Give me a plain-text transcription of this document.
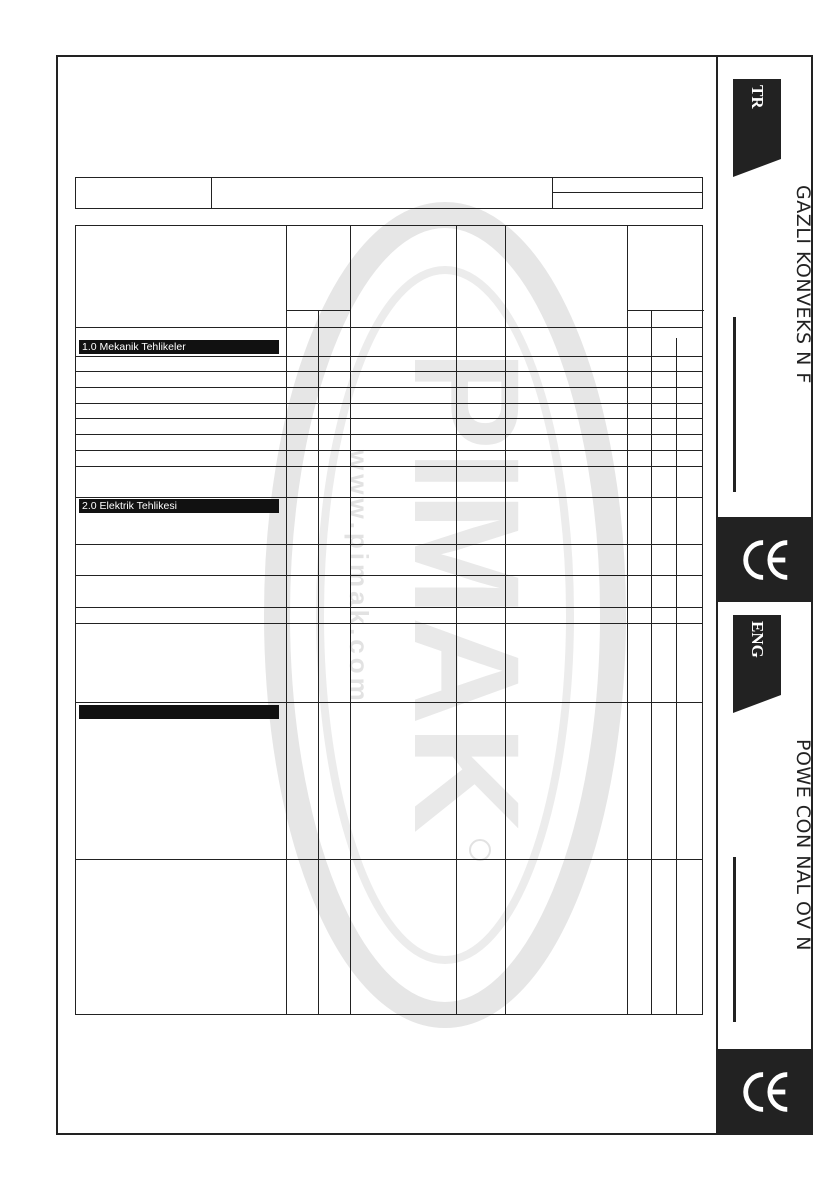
PIMAK
www.pimak.com
1.0 Mekanik Tehlikeler
2.0 Elektrik Tehlikesi
TR
GAZLI KONVEKS N F
ENG
POWE CON NAL OV N
